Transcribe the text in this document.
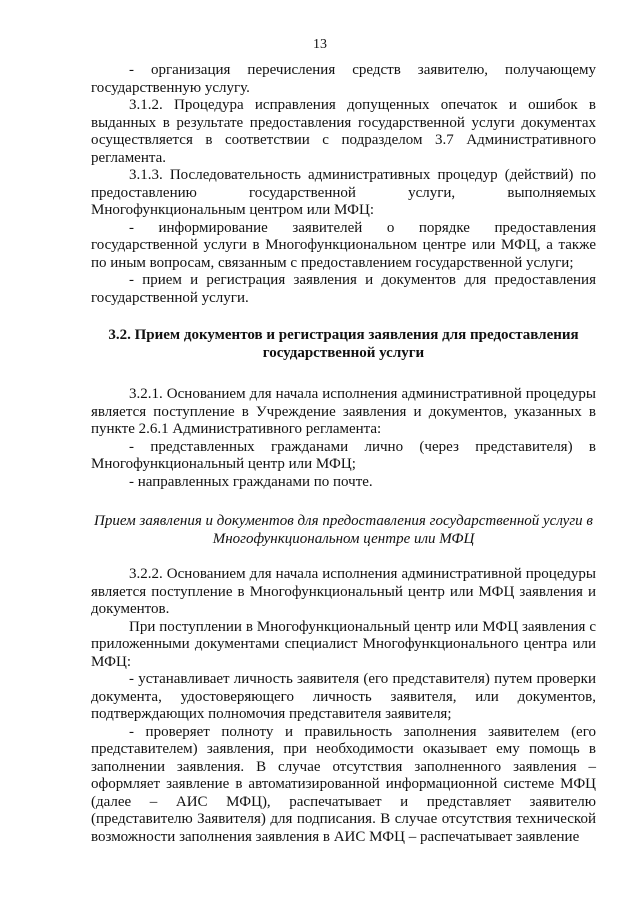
13

- организация перечисления средств заявителю, получающему государственную услугу.

3.1.2. Процедура исправления допущенных опечаток и ошибок в выданных в результате предоставления государственной услуги документах осуществляется в соответствии с подразделом 3.7 Административного регламента.

3.1.3. Последовательность административных процедур (действий) по предоставлению государственной услуги, выполняемых Многофункциональным центром или МФЦ:

- информирование заявителей о порядке предоставления государственной услуги в Многофункциональном центре или МФЦ, а также по иным вопросам, связанным с предоставлением государственной услуги;

- прием и регистрация заявления и документов для предоставления государственной услуги.

3.2. Прием документов и регистрация заявления для предоставления государственной услуги

3.2.1. Основанием для начала исполнения административной процедуры является поступление в Учреждение заявления и документов, указанных в пункте 2.6.1 Административного регламента:

- представленных гражданами лично (через представителя) в Многофункциональный центр или МФЦ;

- направленных гражданами по почте.

Прием заявления и документов для предоставления государственной услуги в Многофункциональном центре или МФЦ

3.2.2. Основанием для начала исполнения административной процедуры является поступление в Многофункциональный центр или МФЦ заявления и документов.

При поступлении в Многофункциональный центр или МФЦ заявления с приложенными документами специалист Многофункционального центра или МФЦ:

- устанавливает личность заявителя (его представителя) путем проверки документа, удостоверяющего личность заявителя, или документов, подтверждающих полномочия представителя заявителя;

- проверяет полноту и правильность заполнения заявителем (его представителем) заявления, при необходимости оказывает ему помощь в заполнении заявления. В случае отсутствия заполненного заявления – оформляет заявление в автоматизированной информационной системе МФЦ (далее – АИС МФЦ), распечатывает и представляет заявителю (представителю Заявителя) для подписания. В случае отсутствия технической возможности заполнения заявления в АИС МФЦ – распечатывает заявление
